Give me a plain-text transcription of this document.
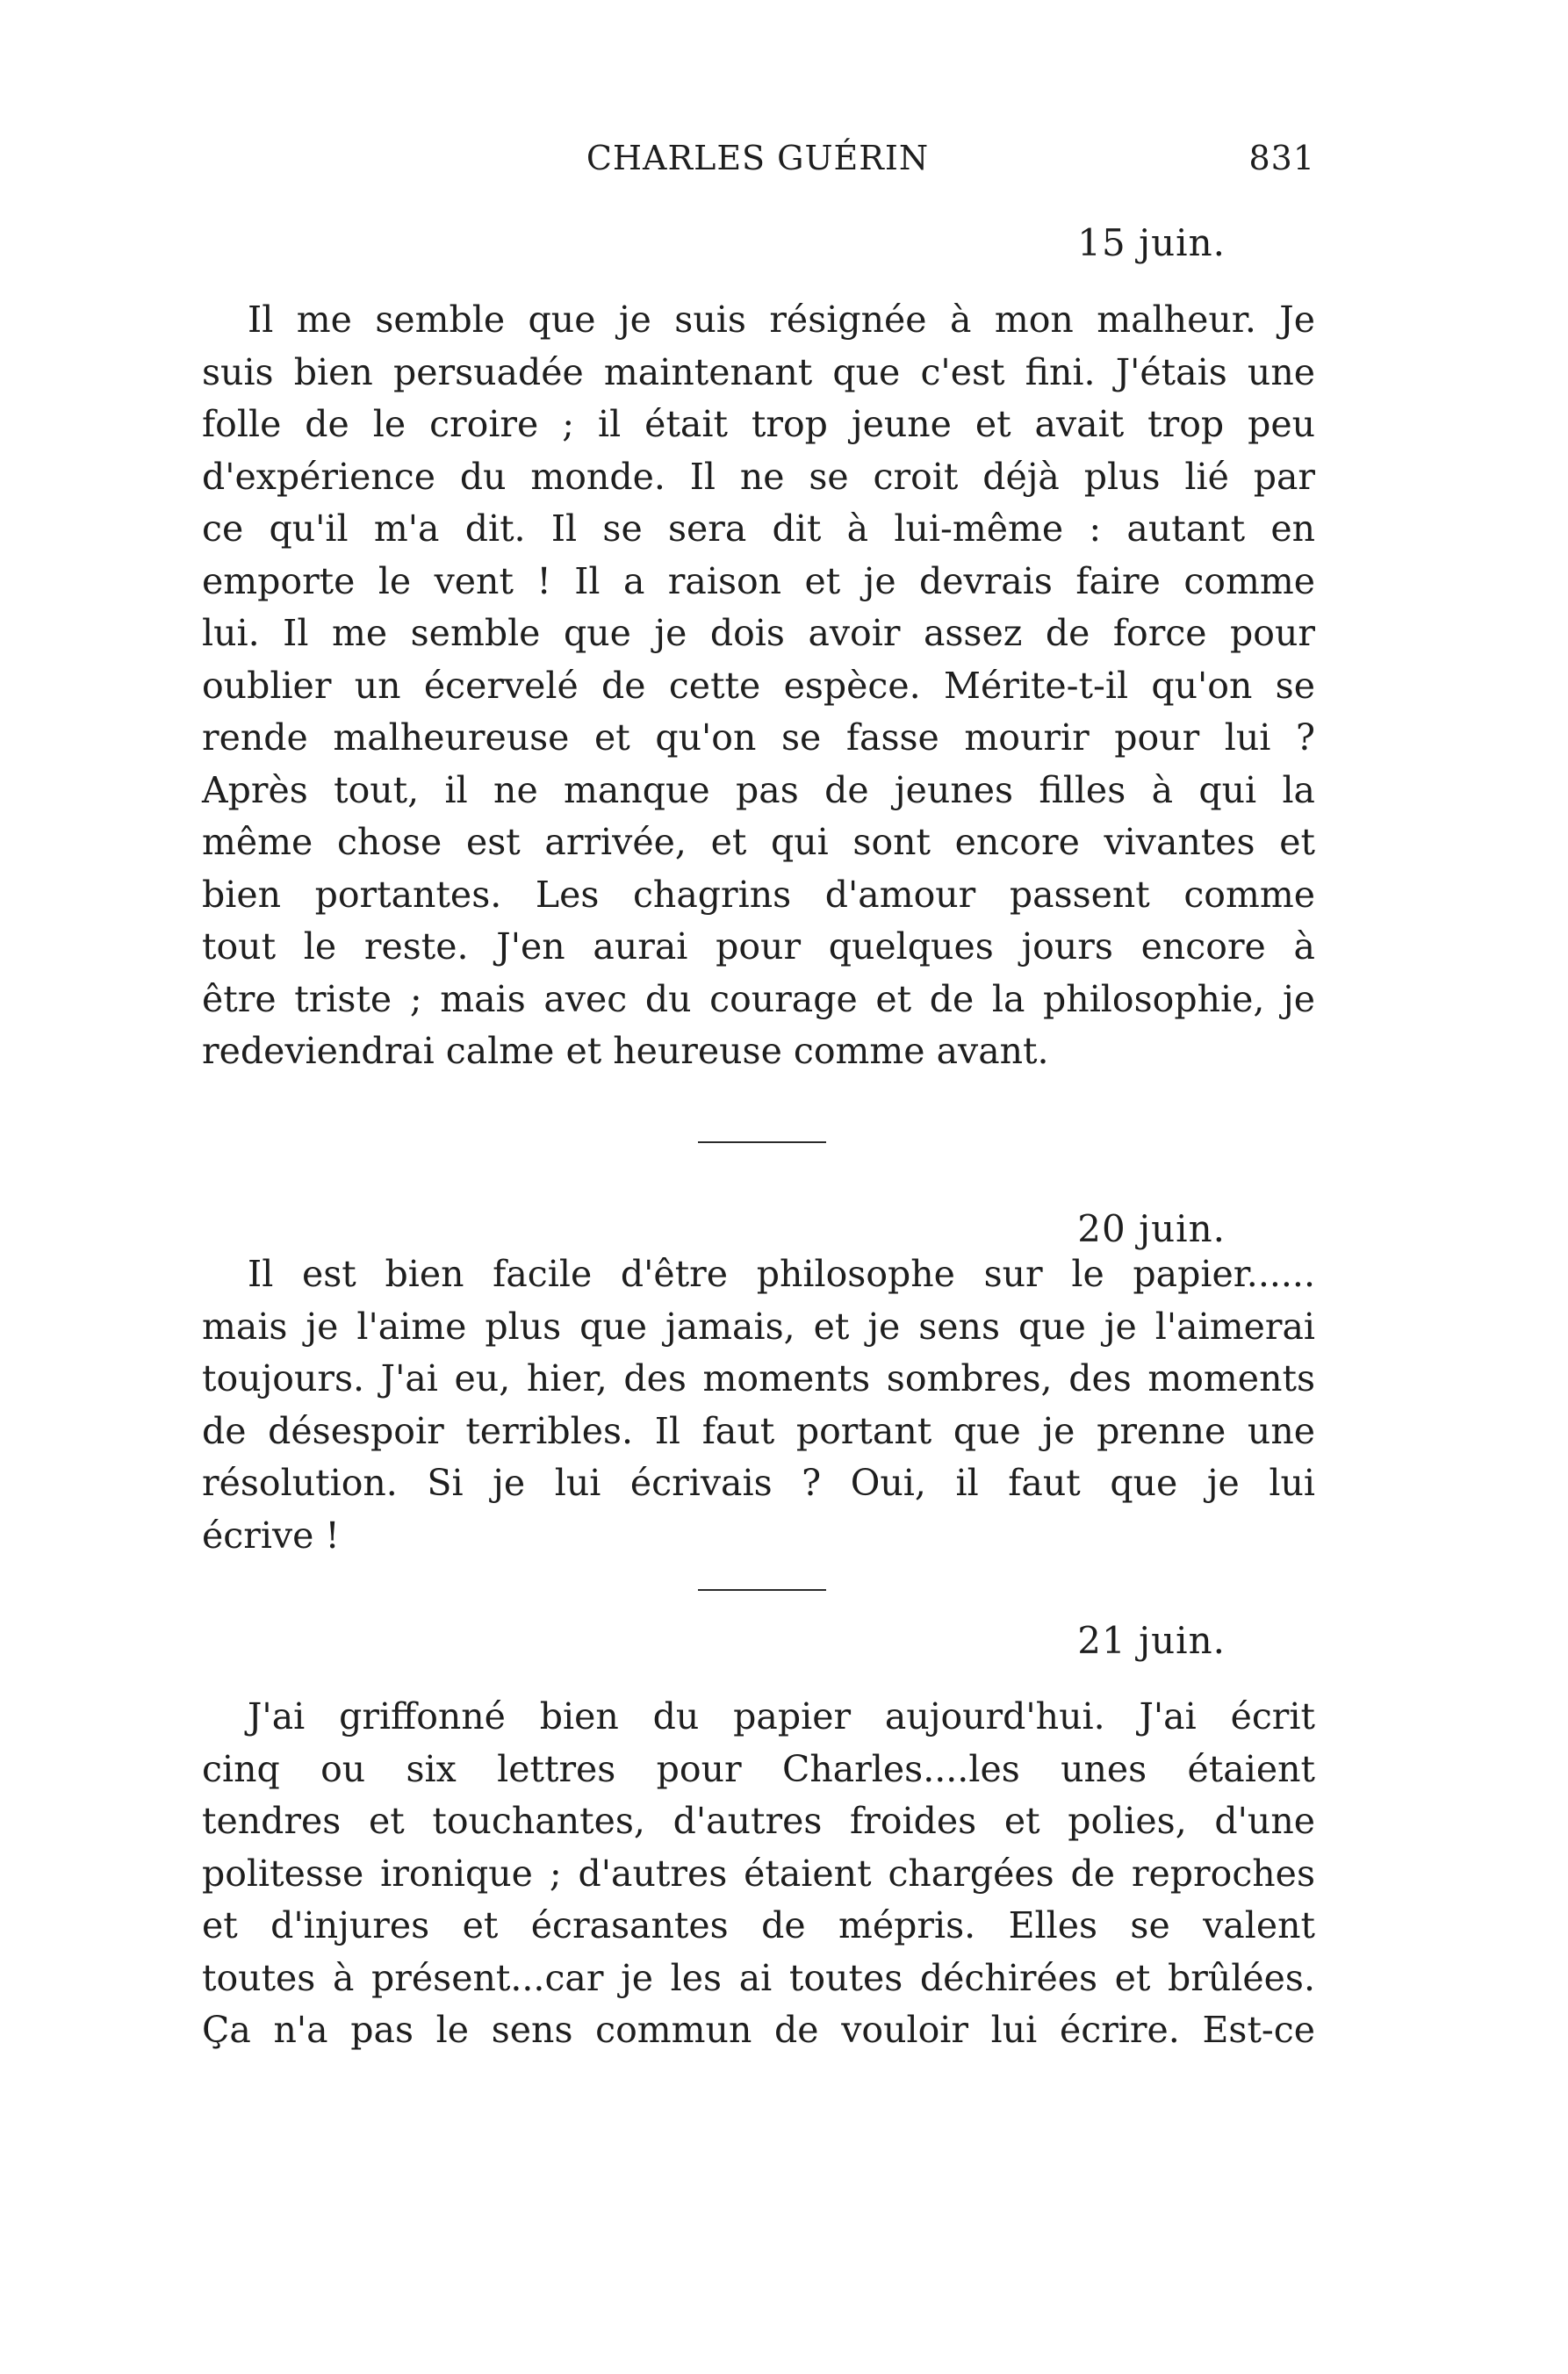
CHARLES GUÉRIN	831
15 juin.
Il me semble que je suis résignée à mon malheur. Je
suis bien persuadée maintenant que c'est fini. J'étais une
folle de le croire ; il était trop jeune et avait trop peu
d'expérience du monde. Il ne se croit déjà plus lié par
ce qu'il m'a dit. Il se sera dit à lui-même : autant en
emporte le vent ! Il a raison et je devrais faire comme
lui. Il me semble que je dois avoir assez de force pour
oublier un écervelé de cette espèce. Mérite-t-il qu'on se
rende malheureuse et qu'on se fasse mourir pour lui ?
Après tout, il ne manque pas de jeunes filles à qui la
même chose est arrivée, et qui sont encore vivantes et
bien portantes. Les chagrins d'amour passent comme
tout le reste. J'en aurai pour quelques jours encore à
être triste ; mais avec du courage et de la philosophie, je
redeviendrai calme et heureuse comme avant.
20 juin.
Il est bien facile d'être philosophe sur le papier......
mais je l'aime plus que jamais, et je sens que je l'aimerai
toujours. J'ai eu, hier, des moments sombres, des moments
de désespoir terribles. Il faut portant que je prenne une
résolution. Si je lui écrivais ? Oui, il faut que je lui
écrive !
21 juin.
J'ai griffonné bien du papier aujourd'hui. J'ai écrit
cinq ou six lettres pour Charles....les unes étaient
tendres et touchantes, d'autres froides et polies, d'une
politesse ironique ; d'autres étaient chargées de reproches
et d'injures et écrasantes de mépris. Elles se valent
toutes à présent...car je les ai toutes déchirées et brûlées.
Ça n'a pas le sens commun de vouloir lui écrire. Est-ce
